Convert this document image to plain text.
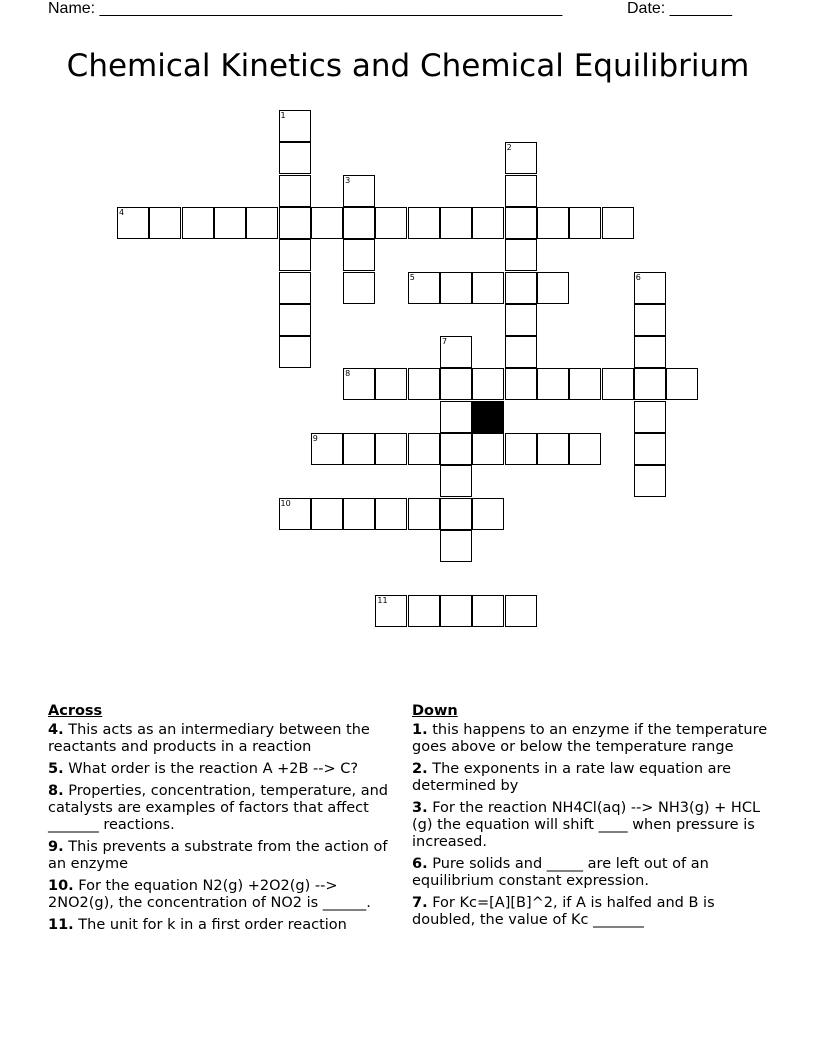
Name: ____________________________________________________	Date: _______
Chemical Kinetics and Chemical Equilibrium
1
2
3
4
5	6
7
8
9
10
11
Across
4. This acts as an intermediary between the reactants and products in a reaction
5. What order is the reaction A +2B --> C?
8. Properties, concentration, temperature, and catalysts are examples of factors that affect _______ reactions.
9. This prevents a substrate from the action of an enzyme
10. For the equation N2(g) +2O2(g) --> 2NO2(g), the concentration of NO2 is ______.
11. The unit for k in a first order reaction
Down
1. this happens to an enzyme if the temperature goes above or below the temperature range
2. The exponents in a rate law equation are determined by
3. For the reaction NH4Cl(aq) --> NH3(g) + HCL (g) the equation will shift ____ when pressure is increased.
6. Pure solids and _____ are left out of an equilibrium constant expression.
7. For Kc=[A][B]^2, if A is halfed and B is doubled, the value of Kc _______
